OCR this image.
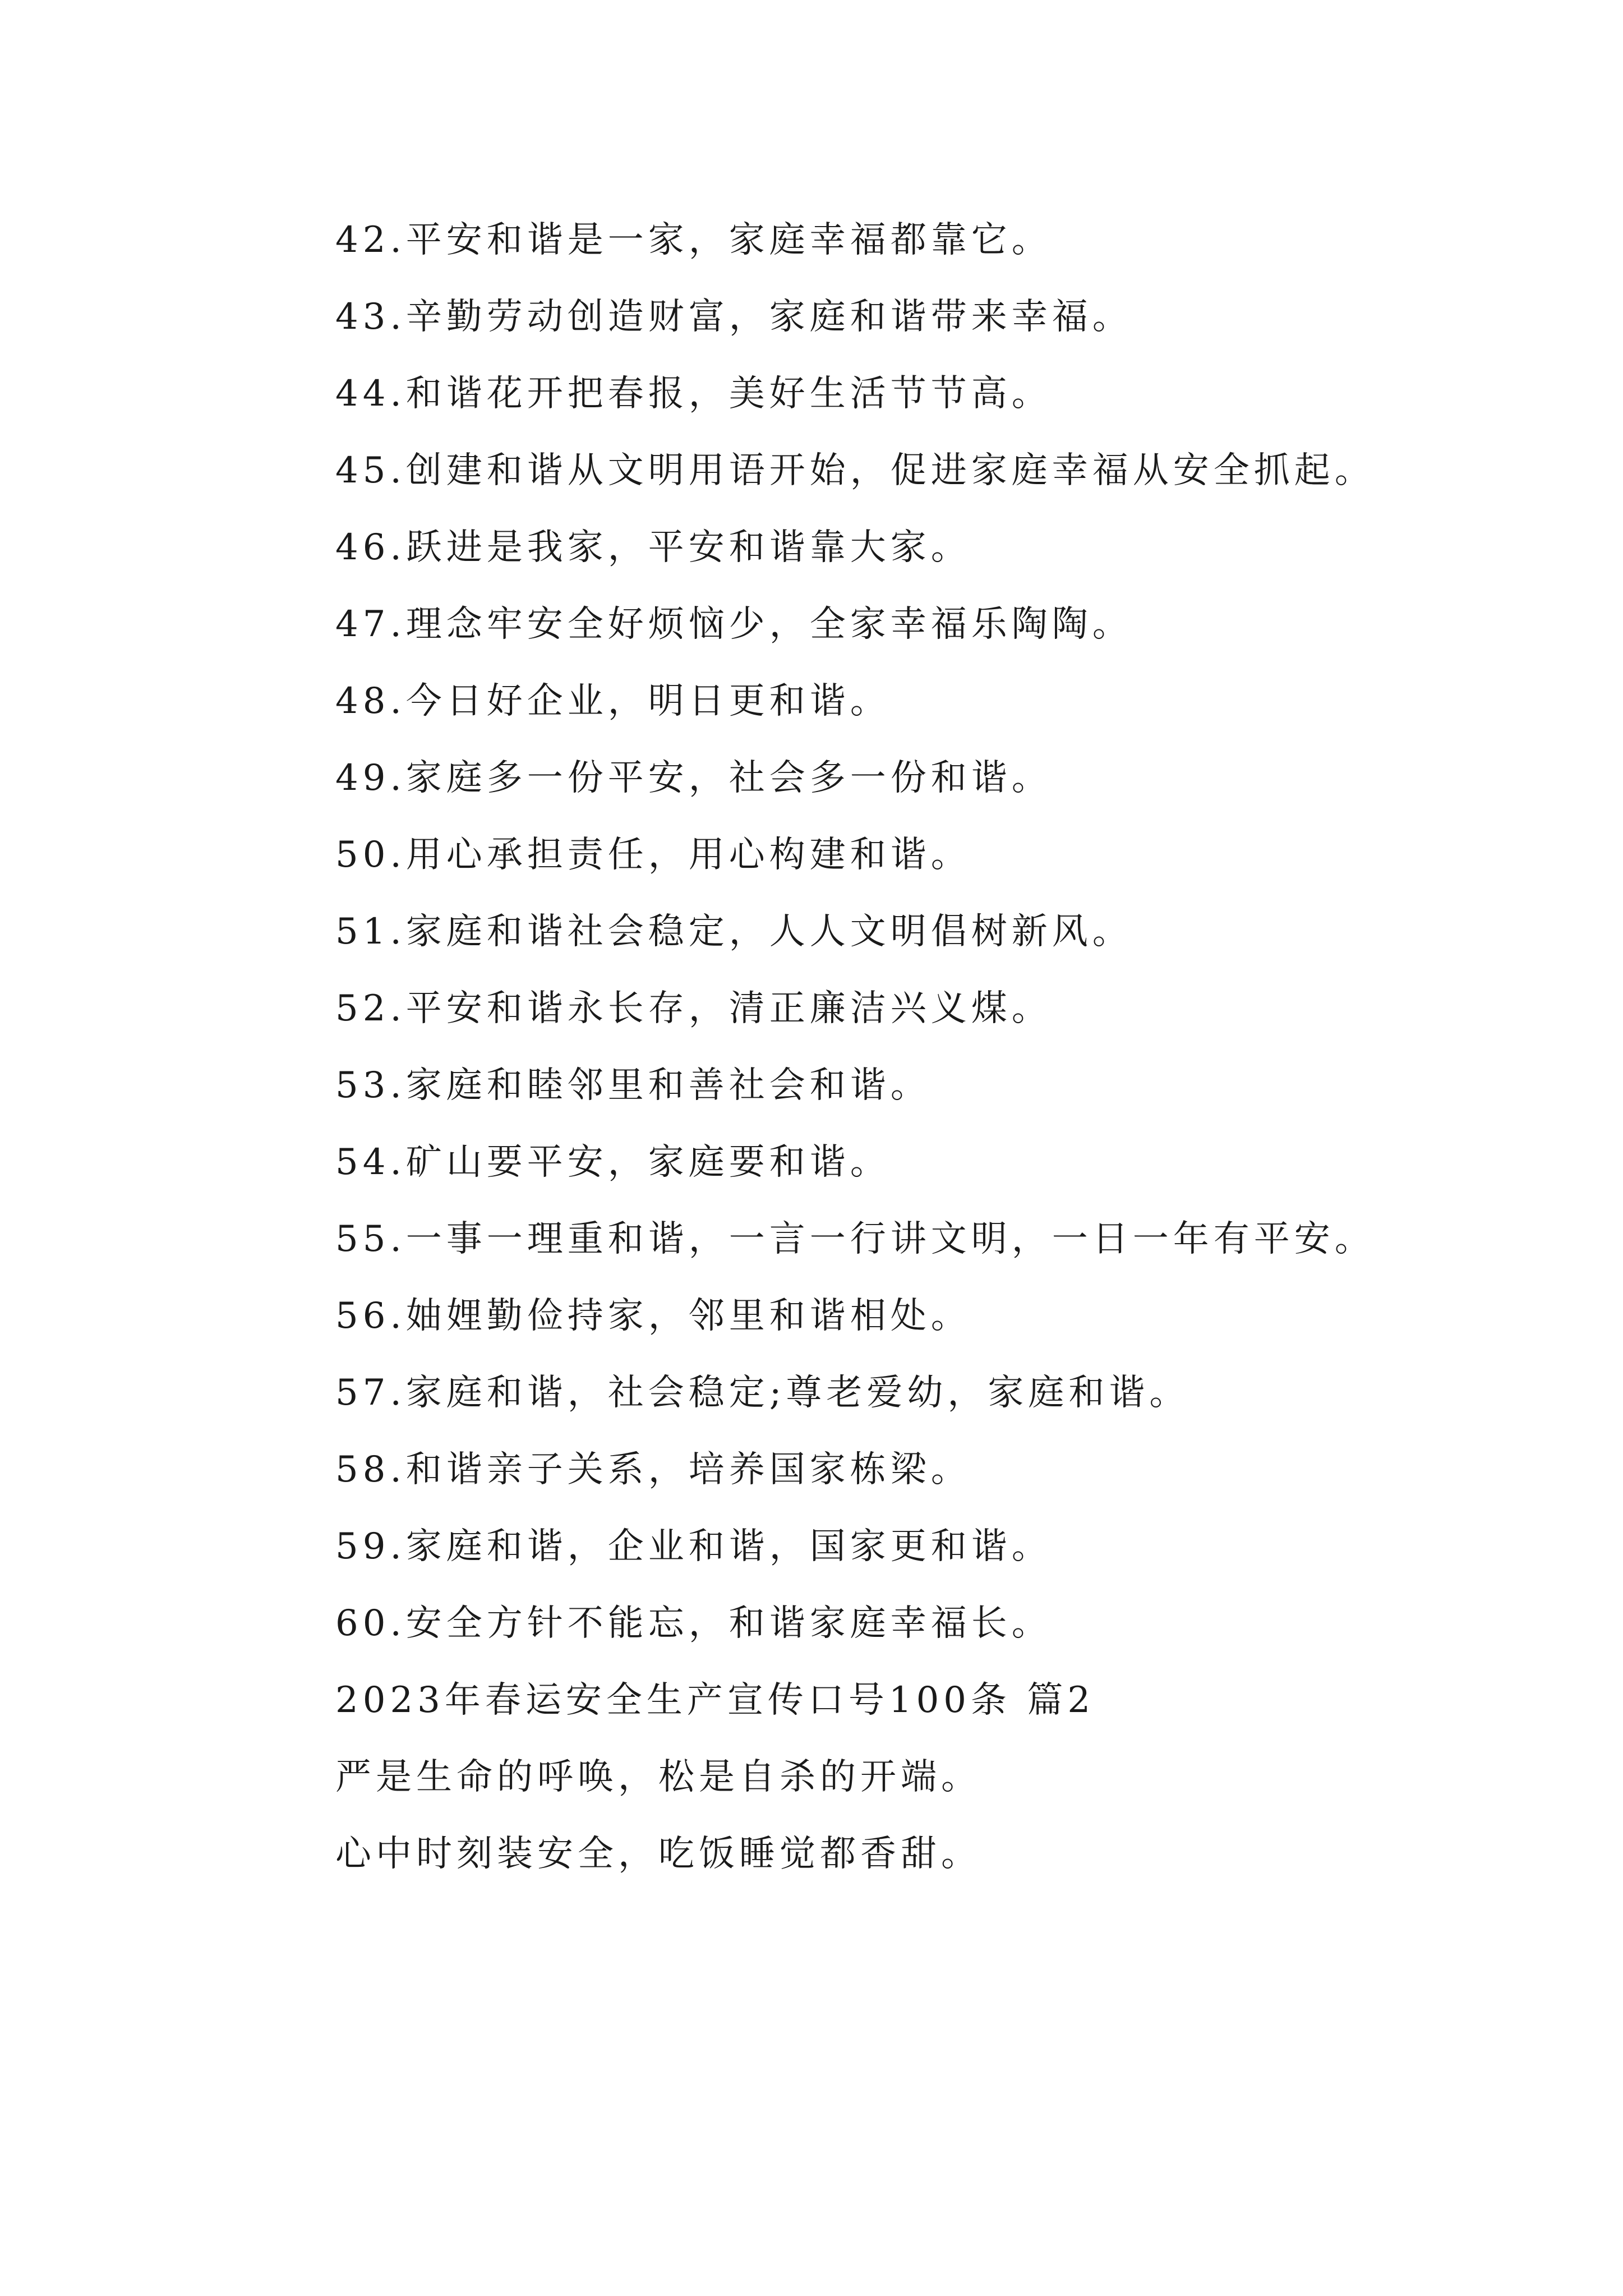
42.平安和谐是一家，家庭幸福都靠它。

43.辛勤劳动创造财富，家庭和谐带来幸福。

44.和谐花开把春报，美好生活节节高。

45.创建和谐从文明用语开始，促进家庭幸福从安全抓起。

46.跃进是我家，平安和谐靠大家。

47.理念牢安全好烦恼少，全家幸福乐陶陶。

48.今日好企业，明日更和谐。

49.家庭多一份平安，社会多一份和谐。

50.用心承担责任，用心构建和谐。

51.家庭和谐社会稳定，人人文明倡树新风。

52.平安和谐永长存，清正廉洁兴义煤。

53.家庭和睦邻里和善社会和谐。

54.矿山要平安，家庭要和谐。

55.一事一理重和谐，一言一行讲文明，一日一年有平安。

56.妯娌勤俭持家，邻里和谐相处。

57.家庭和谐，社会稳定;尊老爱幼，家庭和谐。

58.和谐亲子关系，培养国家栋梁。

59.家庭和谐，企业和谐，国家更和谐。

60.安全方针不能忘，和谐家庭幸福长。

2023年春运安全生产宣传口号100条 篇2

严是生命的呼唤，松是自杀的开端。

心中时刻装安全，吃饭睡觉都香甜。
